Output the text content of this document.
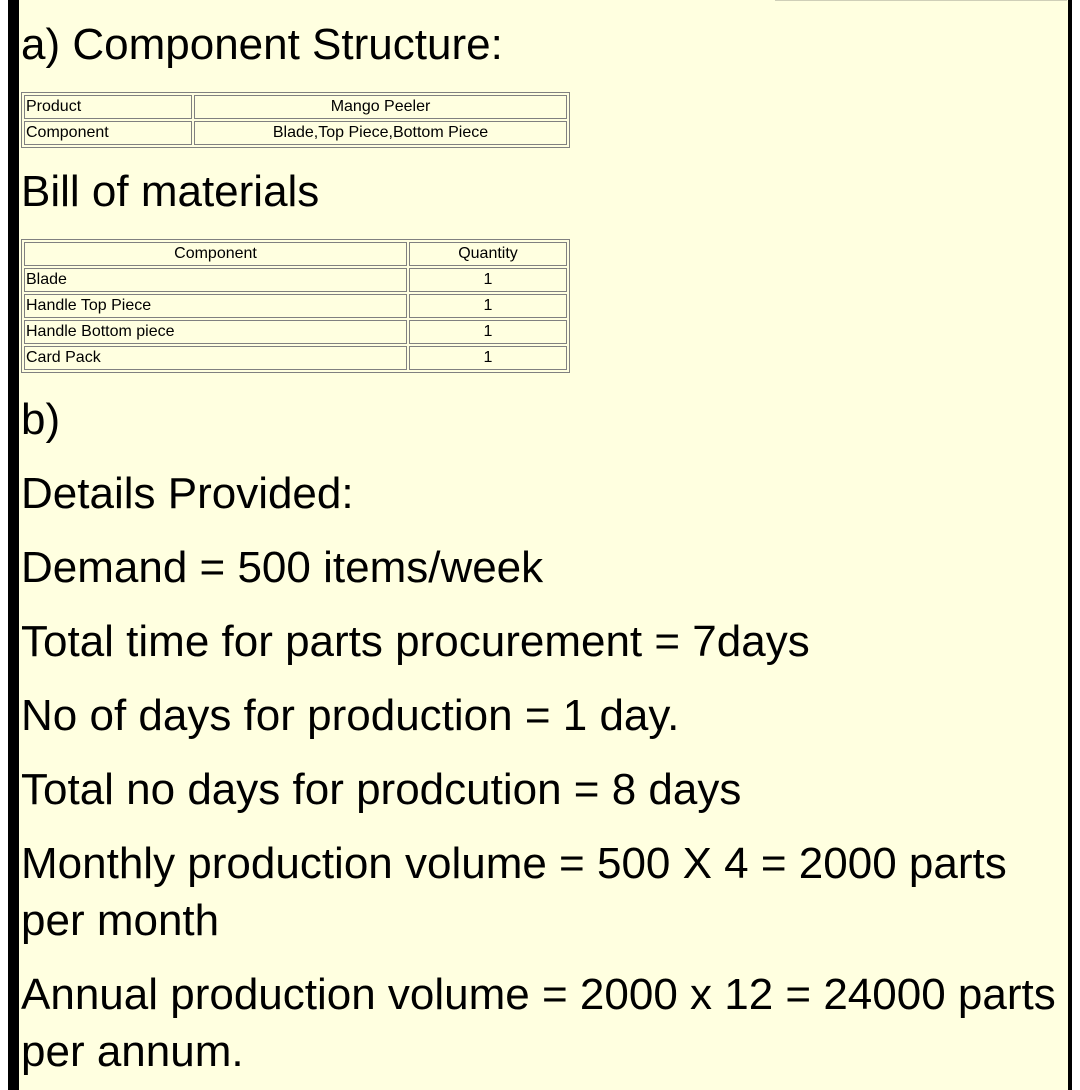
a) Component Structure:
Product	Mango Peeler
Component	Blade,Top Piece,Bottom Piece
Bill of materials
Component	Quantity
Blade	1
Handle Top Piece	1
Handle Bottom piece	1
Card Pack	1

b)

Details Provided:

Demand = 500 items/week

Total time for parts procurement = 7days

No of days for production = 1 day.

Total no days for prodcution = 8 days

Monthly production volume = 500 X 4 = 2000 parts per month

Annual production volume = 2000 x 12 = 24000 parts per annum.
